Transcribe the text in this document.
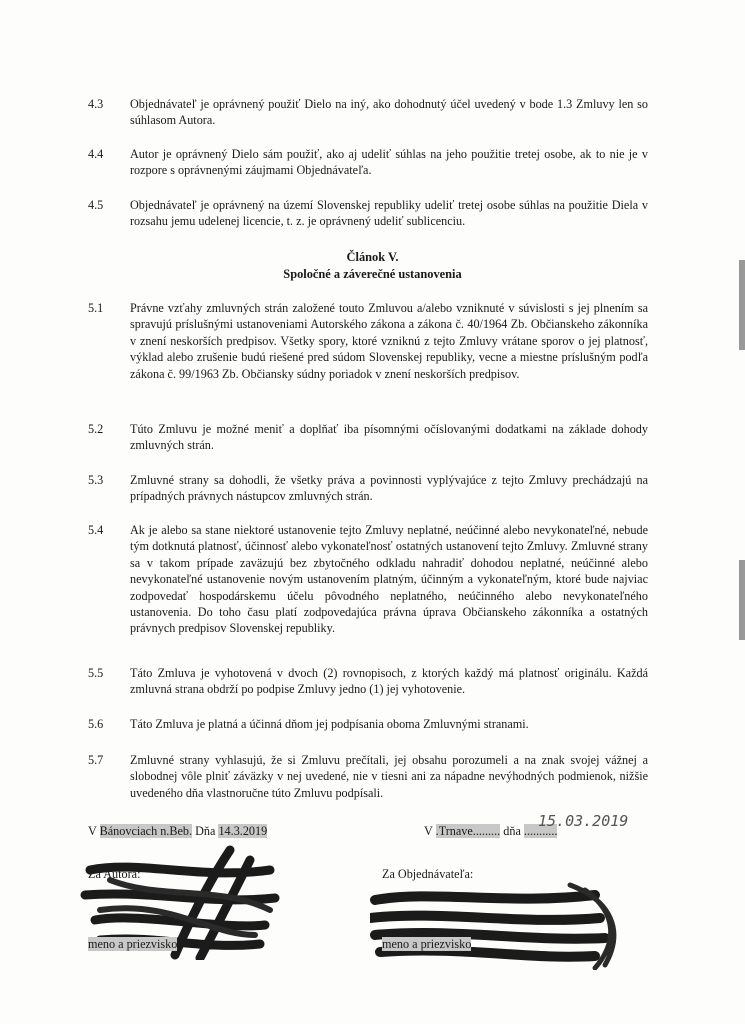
4.3	Objednávateľ je oprávnený použiť Dielo na iný, ako dohodnutý účel uvedený v bode 1.3 Zmluvy len so súhlasom Autora.
4.4	Autor je oprávnený Dielo sám použiť, ako aj udeliť súhlas na jeho použitie tretej osobe, ak to nie je v rozpore s oprávnenými záujmami Objednávateľa.
4.5	Objednávateľ je oprávnený na území Slovenskej republiky udeliť tretej osobe súhlas na použitie Diela v rozsahu jemu udelenej licencie, t. z. je oprávnený udeliť sublicenciu.
Článok V.
Spoločné a záverečné ustanovenia
5.1	Právne vzťahy zmluvných strán založené touto Zmluvou a/alebo vzniknuté v súvislosti s jej plnením sa spravujú príslušnými ustanoveniami Autorského zákona a zákona č. 40/1964 Zb. Občianskeho zákonníka v znení neskorších predpisov. Všetky spory, ktoré vzniknú z tejto Zmluvy vrátane sporov o jej platnosť, výklad alebo zrušenie budú riešené pred súdom Slovenskej republiky, vecne a miestne príslušným podľa zákona č. 99/1963 Zb. Občiansky súdny poriadok v znení neskorších predpisov.
5.2	Túto Zmluvu je možné meniť a doplňať iba písomnými očíslovanými dodatkami na základe dohody zmluvných strán.
5.3	Zmluvné strany sa dohodli, že všetky práva a povinnosti vyplývajúce z tejto Zmluvy prechádzajú na prípadných právnych nástupcov zmluvných strán.
5.4	Ak je alebo sa stane niektoré ustanovenie tejto Zmluvy neplatné, neúčinné alebo nevykonateľné, nebude tým dotknutá platnosť, účinnosť alebo vykonateľnosť ostatných ustanovení tejto Zmluvy. Zmluvné strany sa v takom prípade zaväzujú bez zbytočného odkladu nahradiť dohodou neplatné, neúčinné alebo nevykonateľné ustanovenie novým ustanovením platným, účinným a vykonateľným, ktoré bude najviac zodpovedať hospodárskemu účelu pôvodného neplatného, neúčinného alebo nevykonateľného ustanovenia. Do toho času platí zodpovedajúca právna úprava Občianskeho zákonníka a ostatných právnych predpisov Slovenskej republiky.
5.5	Táto Zmluva je vyhotovená v dvoch (2) rovnopisoch, z ktorých každý má platnosť originálu. Každá zmluvná strana obdrží po podpise Zmluvy jedno (1) jej vyhotovenie.
5.6	Táto Zmluva je platná a účinná dňom jej podpísania oboma Zmluvnými stranami.
5.7	Zmluvné strany vyhlasujú, že si Zmluvu prečítali, jej obsahu porozumeli a na znak svojej vážnej a slobodnej vôle plniť záväzky v nej uvedené, nie v tiesni ani za nápadne nevýhodných podmienok, nižšie uvedeného dňa vlastnoručne túto Zmluvu podpísali.
V Bánovciach n.Beb. Dňa 14.3.2019	V .Trnave......... dňa ...........
15.03.2019
Za Autora:	Za Objednávateľa:
meno a priezvisko	meno a priezvisko
